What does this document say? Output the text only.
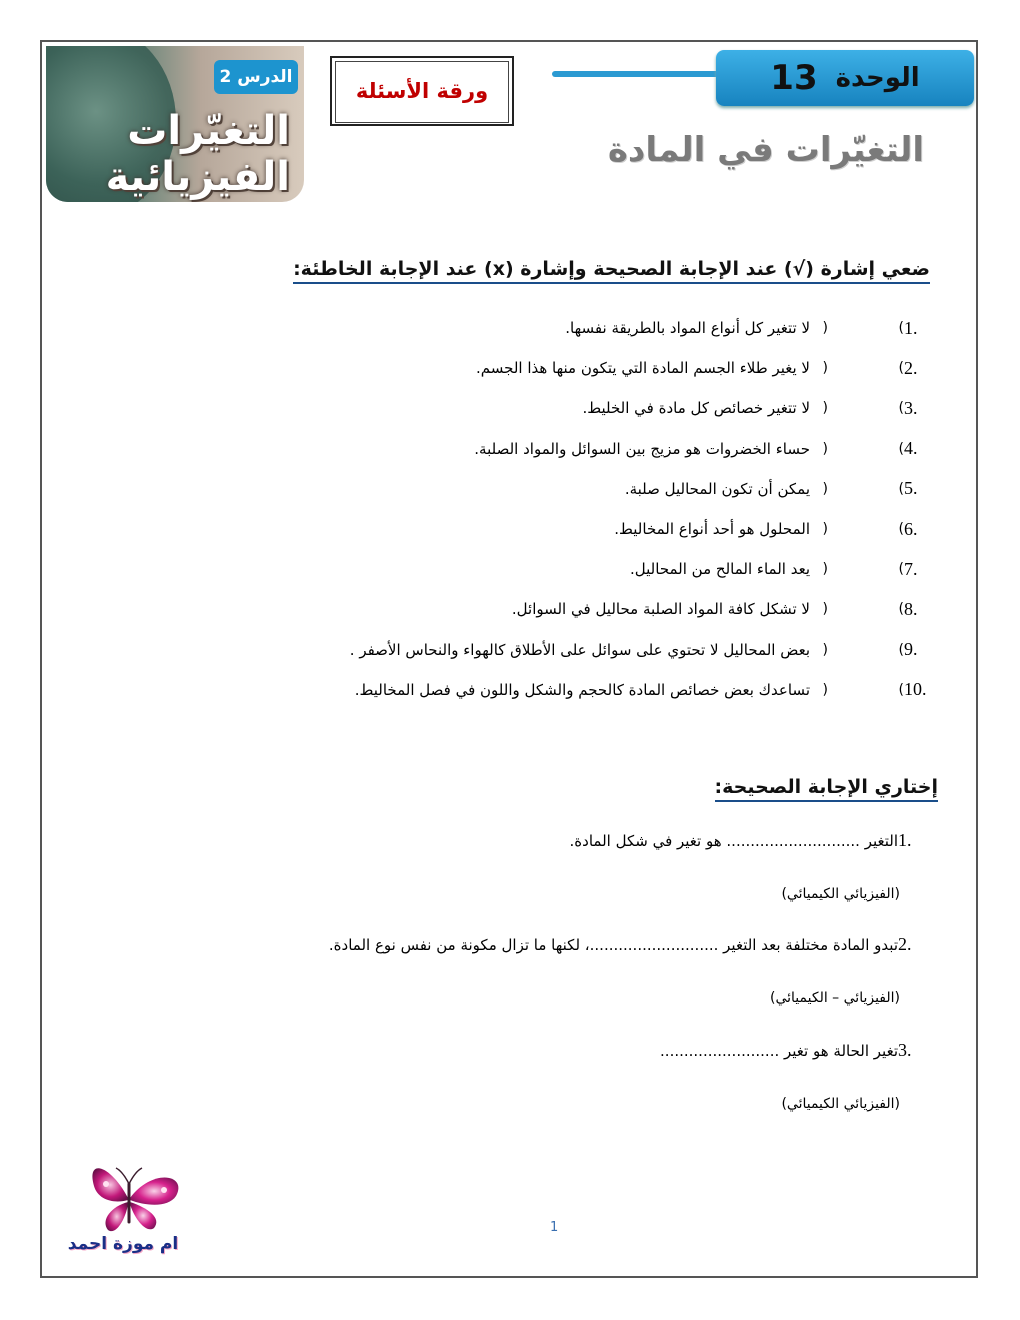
الدرس 2
التغيّرات الفيزيائية
ورقة الأسئلة	13 الوحدة
التغيّرات في المادة
ضعي إشارة (√) عند الإجابة الصحيحة وإشارة (x) عند الإجابة الخاطئة:
1.
(
)
لا تتغير كل أنواع المواد بالطريقة نفسها.
2.
(
)
لا يغير طلاء الجسم المادة التي يتكون منها هذا الجسم.
3.
(
)
لا تتغير خصائص كل مادة في الخليط.
4.
(
)
حساء الخضروات هو مزيج بين السوائل والمواد الصلبة.
5.
(
)
يمكن أن تكون المحاليل صلبة.
6.
(
)
المحلول هو أحد أنواع المخاليط.
7.
(
)
يعد الماء المالح من المحاليل.
8.
(
)
لا تشكل كافة المواد الصلبة محاليل في السوائل.
9.
(
)
بعض المحاليل لا تحتوي على سوائل على الأطلاق كالهواء والنحاس الأصفر .
10.
(
)
تساعدك بعض خصائص المادة كالحجم والشكل واللون في فصل المخاليط.
إختاري الإجابة الصحيحة:
1.
التغير ............................ هو تغير في شكل المادة.
(الفيزيائي الكيميائي)
2.
تبدو المادة مختلفة بعد التغير ...........................، لكنها ما تزال مكونة من نفس نوع المادة.
(الفيزيائي – الكيميائي)
3.
تغير الحالة هو تغير .........................
(الفيزيائي الكيميائي)
1
ام موزة احمد
